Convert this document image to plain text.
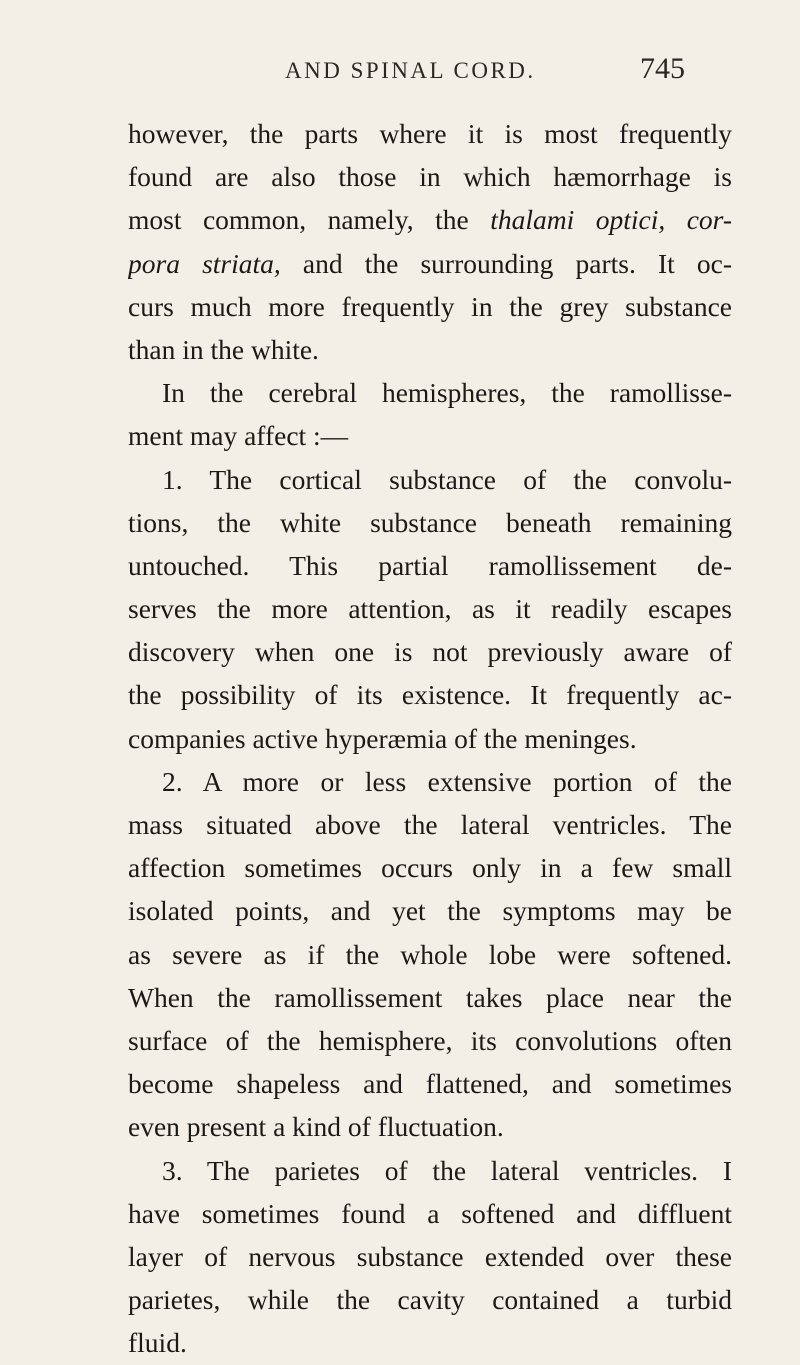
AND SPINAL CORD.	745
however, the parts where it is most frequently
found are also those in which hæmorrhage is
most common, namely, the thalami optici, cor-
pora striata, and the surrounding parts. It oc-
curs much more frequently in the grey substance
than in the white.
In the cerebral hemispheres, the ramollisse-
ment may affect :—
1. The cortical substance of the convolu-
tions, the white substance beneath remaining
untouched. This partial ramollissement de-
serves the more attention, as it readily escapes
discovery when one is not previously aware of
the possibility of its existence. It frequently ac-
companies active hyperæmia of the meninges.
2. A more or less extensive portion of the
mass situated above the lateral ventricles. The
affection sometimes occurs only in a few small
isolated points, and yet the symptoms may be
as severe as if the whole lobe were softened.
When the ramollissement takes place near the
surface of the hemisphere, its convolutions often
become shapeless and flattened, and sometimes
even present a kind of fluctuation.
3. The parietes of the lateral ventricles. I
have sometimes found a softened and diffluent
layer of nervous substance extended over these
parietes, while the cavity contained a turbid
fluid.
